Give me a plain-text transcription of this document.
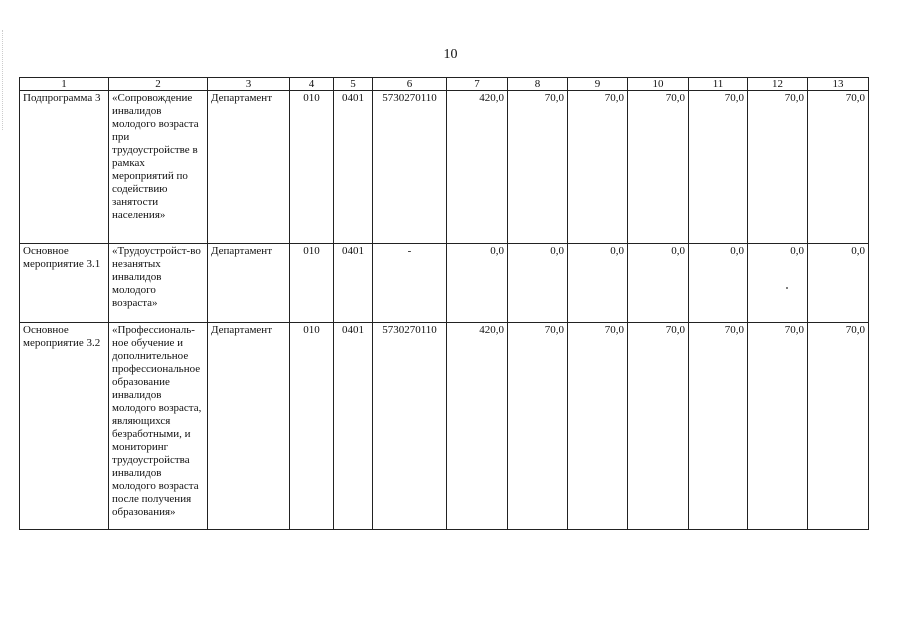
10
1	2	3	4	5	6	7	8	9	10	11	12	13
Подпрограмма 3	«Сопровождение инвалидов молодого возраста при трудоустройстве в рамках мероприятий по содействию занятости населения»	Департамент	010	0401	5730270110	420,0	70,0	70,0	70,0	70,0	70,0	70,0
Основное мероприятие 3.1	«Трудоустройст-во незанятых инвалидов молодого возраста»	Департамент	010	0401	-	0,0	0,0	0,0	0,0	0,0	0,0	0,0
Основное мероприятие 3.2	«Профессиональ-ное обучение и дополнительное профессиональное образование инвалидов молодого возраста, являющихся безработными, и мониторинг трудоустройства инвалидов молодого возраста после получения образования»	Департамент	010	0401	5730270110	420,0	70,0	70,0	70,0	70,0	70,0	70,0
